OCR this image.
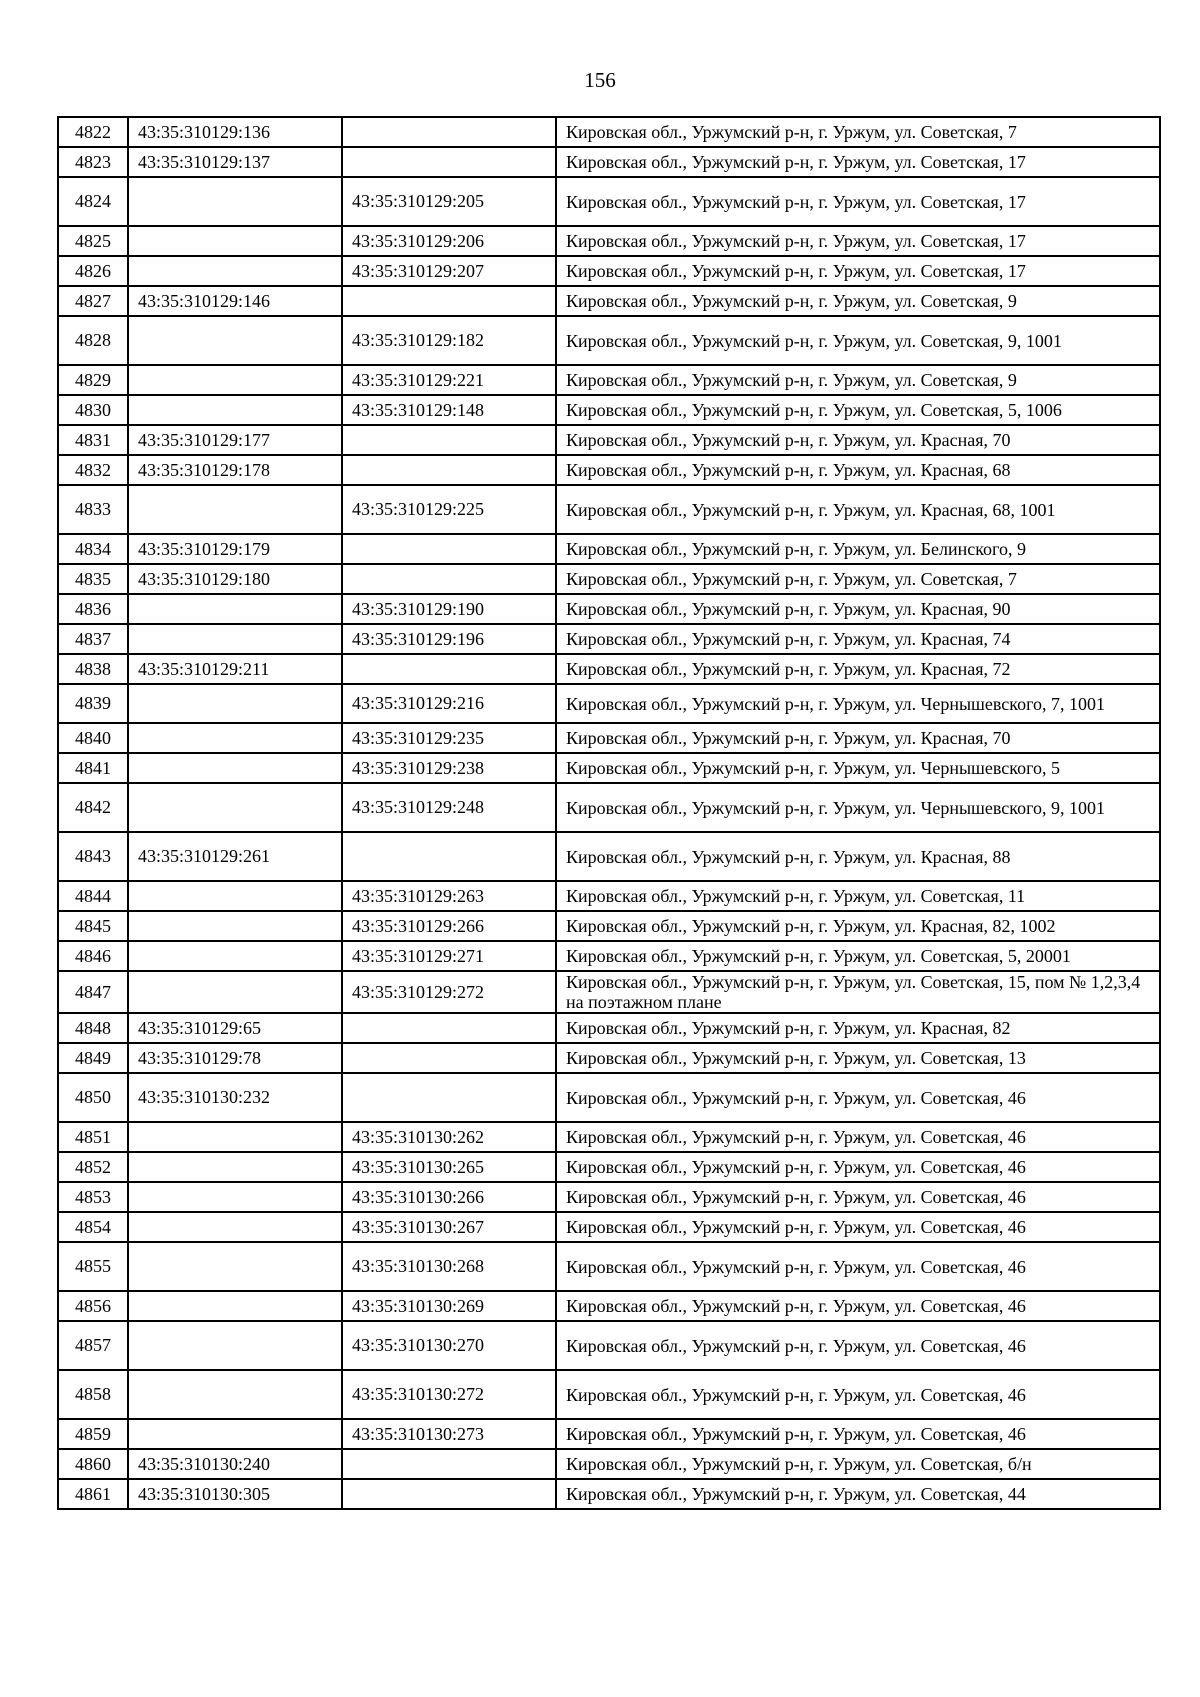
156
4822	43:35:310129:136		Кировская обл., Уржумский р-н, г. Уржум, ул. Советская, 7
4823	43:35:310129:137		Кировская обл., Уржумский р-н, г. Уржум, ул. Советская, 17
4824		43:35:310129:205	Кировская обл., Уржумский р-н, г. Уржум, ул. Советская, 17
4825		43:35:310129:206	Кировская обл., Уржумский р-н, г. Уржум, ул. Советская, 17
4826		43:35:310129:207	Кировская обл., Уржумский р-н, г. Уржум, ул. Советская, 17
4827	43:35:310129:146		Кировская обл., Уржумский р-н, г. Уржум, ул. Советская, 9
4828		43:35:310129:182	Кировская обл., Уржумский р-н, г. Уржум, ул. Советская, 9, 1001
4829		43:35:310129:221	Кировская обл., Уржумский р-н, г. Уржум, ул. Советская, 9
4830		43:35:310129:148	Кировская обл., Уржумский р-н, г. Уржум, ул. Советская, 5, 1006
4831	43:35:310129:177		Кировская обл., Уржумский р-н, г. Уржум, ул. Красная, 70
4832	43:35:310129:178		Кировская обл., Уржумский р-н, г. Уржум, ул. Красная, 68
4833		43:35:310129:225	Кировская обл., Уржумский р-н, г. Уржум, ул. Красная, 68, 1001
4834	43:35:310129:179		Кировская обл., Уржумский р-н, г. Уржум, ул. Белинского, 9
4835	43:35:310129:180		Кировская обл., Уржумский р-н, г. Уржум, ул. Советская, 7
4836		43:35:310129:190	Кировская обл., Уржумский р-н, г. Уржум, ул. Красная, 90
4837		43:35:310129:196	Кировская обл., Уржумский р-н, г. Уржум, ул. Красная, 74
4838	43:35:310129:211		Кировская обл., Уржумский р-н, г. Уржум, ул. Красная, 72
4839		43:35:310129:216	Кировская обл., Уржумский р-н, г. Уржум, ул. Чернышевского, 7, 1001
4840		43:35:310129:235	Кировская обл., Уржумский р-н, г. Уржум, ул. Красная, 70
4841		43:35:310129:238	Кировская обл., Уржумский р-н, г. Уржум, ул. Чернышевского, 5
4842		43:35:310129:248	Кировская обл., Уржумский р-н, г. Уржум, ул. Чернышевского, 9, 1001
4843	43:35:310129:261		Кировская обл., Уржумский р-н, г. Уржум, ул. Красная, 88
4844		43:35:310129:263	Кировская обл., Уржумский р-н, г. Уржум, ул. Советская, 11
4845		43:35:310129:266	Кировская обл., Уржумский р-н, г. Уржум, ул. Красная, 82, 1002
4846		43:35:310129:271	Кировская обл., Уржумский р-н, г. Уржум, ул. Советская, 5, 20001
4847		43:35:310129:272	Кировская обл., Уржумский р-н, г. Уржум, ул. Советская, 15, пом № 1,2,3,4 на поэтажном плане
4848	43:35:310129:65		Кировская обл., Уржумский р-н, г. Уржум, ул. Красная, 82
4849	43:35:310129:78		Кировская обл., Уржумский р-н, г. Уржум, ул. Советская, 13
4850	43:35:310130:232		Кировская обл., Уржумский р-н, г. Уржум, ул. Советская, 46
4851		43:35:310130:262	Кировская обл., Уржумский р-н, г. Уржум, ул. Советская, 46
4852		43:35:310130:265	Кировская обл., Уржумский р-н, г. Уржум, ул. Советская, 46
4853		43:35:310130:266	Кировская обл., Уржумский р-н, г. Уржум, ул. Советская, 46
4854		43:35:310130:267	Кировская обл., Уржумский р-н, г. Уржум, ул. Советская, 46
4855		43:35:310130:268	Кировская обл., Уржумский р-н, г. Уржум, ул. Советская, 46
4856		43:35:310130:269	Кировская обл., Уржумский р-н, г. Уржум, ул. Советская, 46
4857		43:35:310130:270	Кировская обл., Уржумский р-н, г. Уржум, ул. Советская, 46
4858		43:35:310130:272	Кировская обл., Уржумский р-н, г. Уржум, ул. Советская, 46
4859		43:35:310130:273	Кировская обл., Уржумский р-н, г. Уржум, ул. Советская, 46
4860	43:35:310130:240		Кировская обл., Уржумский р-н, г. Уржум, ул. Советская, б/н
4861	43:35:310130:305		Кировская обл., Уржумский р-н, г. Уржум, ул. Советская, 44
